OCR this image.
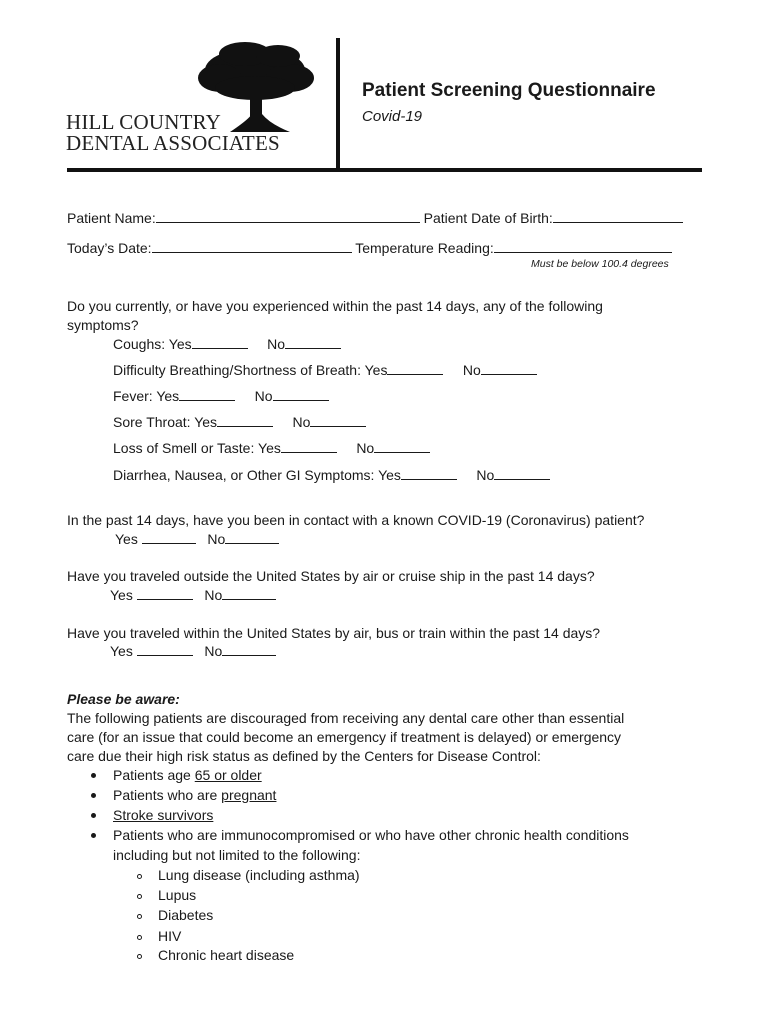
HILL COUNTRY
DENTAL ASSOCIATES
Patient Screening Questionnaire
Covid-19
Patient Name:	Patient Date of Birth:
Today’s Date:	Temperature Reading:
Must be below 100.4 degrees
Do you currently, or have you experienced within the past 14 days, any of the following
symptoms?
Coughs: Yes	No
Difficulty Breathing/Shortness of Breath: Yes	No
Fever: Yes	No
Sore Throat: Yes	No
Loss of Smell or Taste: Yes	No
Diarrhea, Nausea, or Other GI Symptoms: Yes	No
In the past 14 days, have you been in contact with a known COVID-19 (Coronavirus) patient?
Yes	No
Have you traveled outside the United States by air or cruise ship in the past 14 days?
Yes	No
Have you traveled within the United States by air, bus or train within the past 14 days?
Yes	No
Please be aware:
The following patients are discouraged from receiving any dental care other than essential
care (for an issue that could become an emergency if treatment is delayed) or emergency
care due their high risk status as defined by the Centers for Disease Control:
Patients age 65 or older
Patients who are pregnant
Stroke survivors
Patients who are immunocompromised or who have other chronic health conditions
including but not limited to the following:
Lung disease (including asthma)
Lupus
Diabetes
HIV
Chronic heart disease
